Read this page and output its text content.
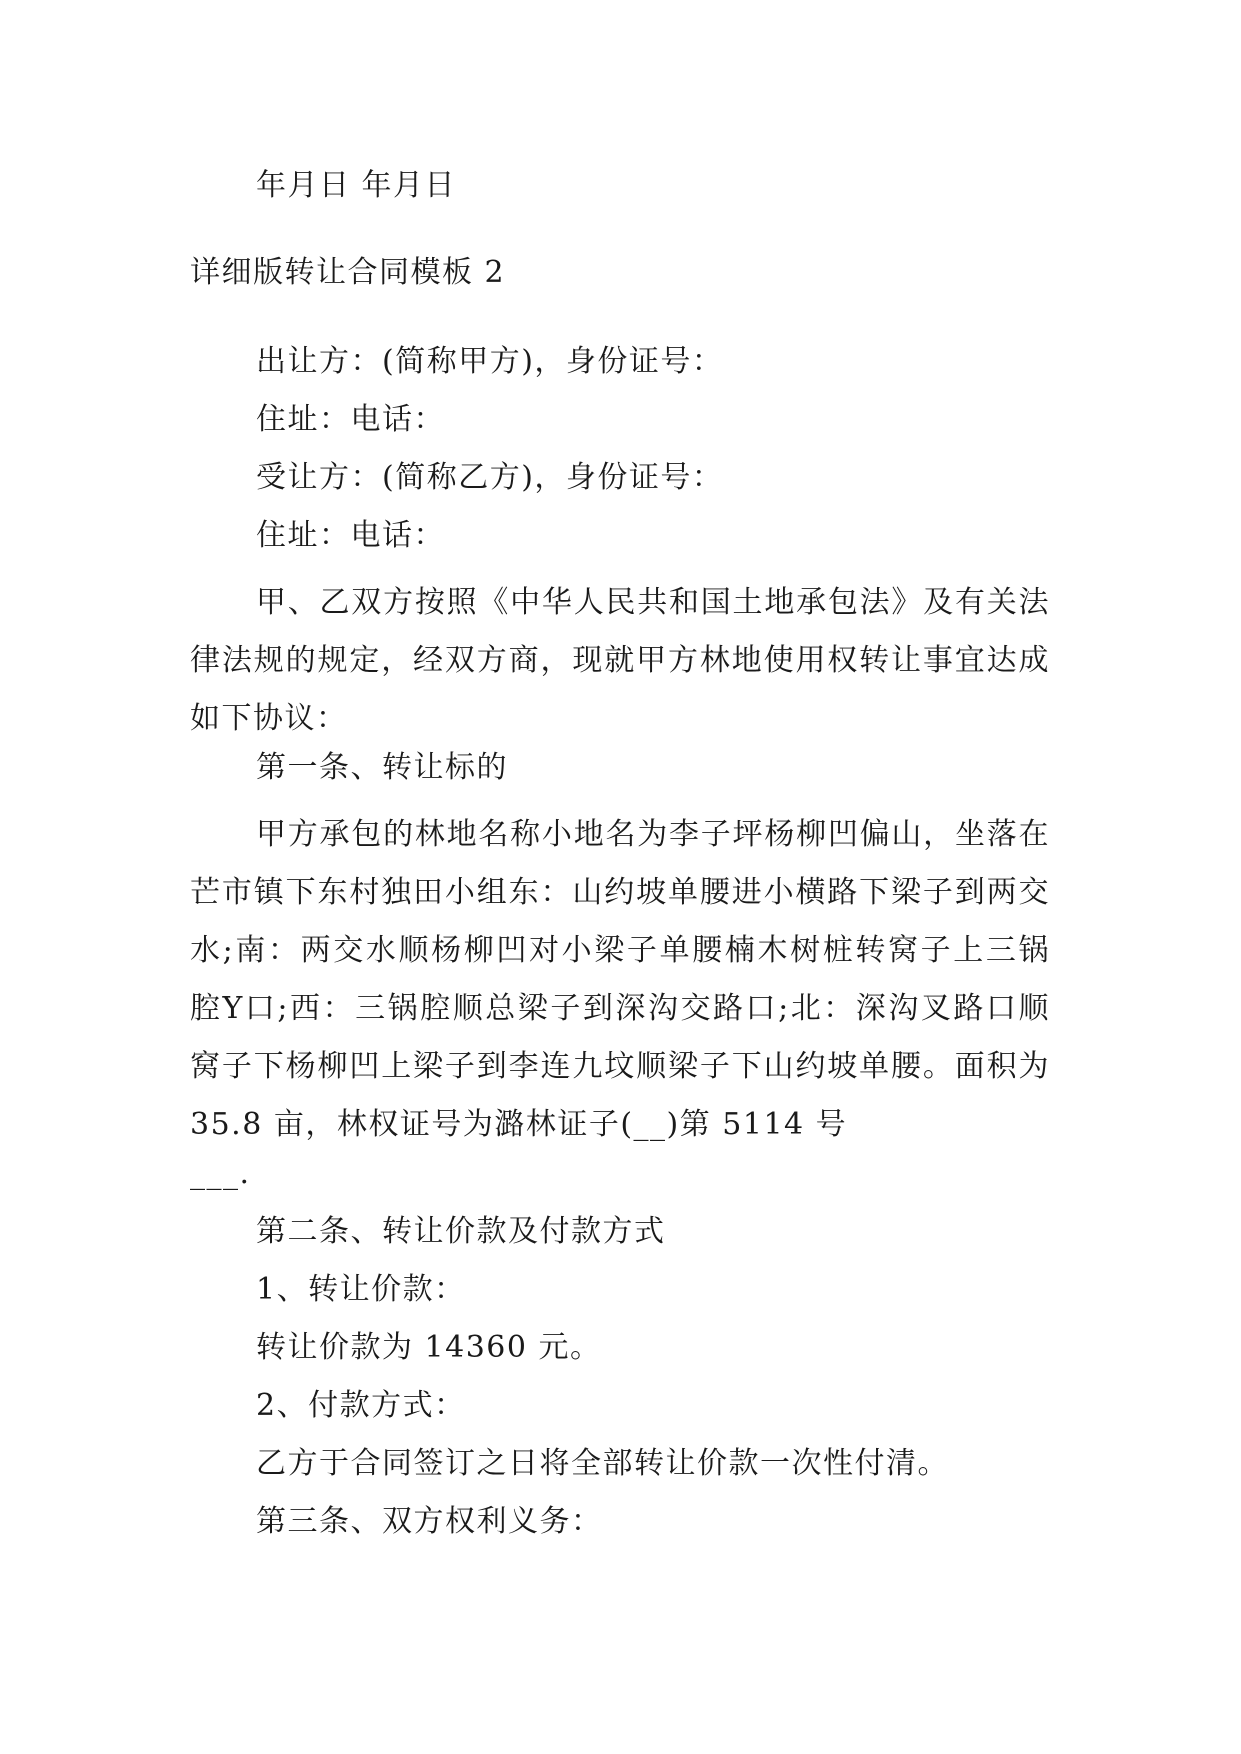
年月日 年月日
详细版转让合同模板 2
出让方：(简称甲方)，身份证号：
住址：电话：
受让方：(简称乙方)，身份证号：
住址：电话：
甲、乙双方按照《中华人民共和国土地承包法》及有关法律法规的规定，经双方商，现就甲方林地使用权转让事宜达成如下协议：
第一条、转让标的
甲方承包的林地名称小地名为李子坪杨柳凹偏山，坐落在芒市镇下东村独田小组东：山约坡单腰进小横路下梁子到两交水;南：两交水顺杨柳凹对小梁子单腰楠木树桩转窝子上三锅腔Y口;西：三锅腔顺总梁子到深沟交路口;北：深沟叉路口顺窝子下杨柳凹上梁子到李连九坟顺梁子下山约坡单腰。面积为 35.8 亩，林权证号为潞林证子(__)第 5114 号
___.
第二条、转让价款及付款方式
1、转让价款：
转让价款为 14360 元。
2、付款方式：
乙方于合同签订之日将全部转让价款一次性付清。
第三条、双方权利义务：
